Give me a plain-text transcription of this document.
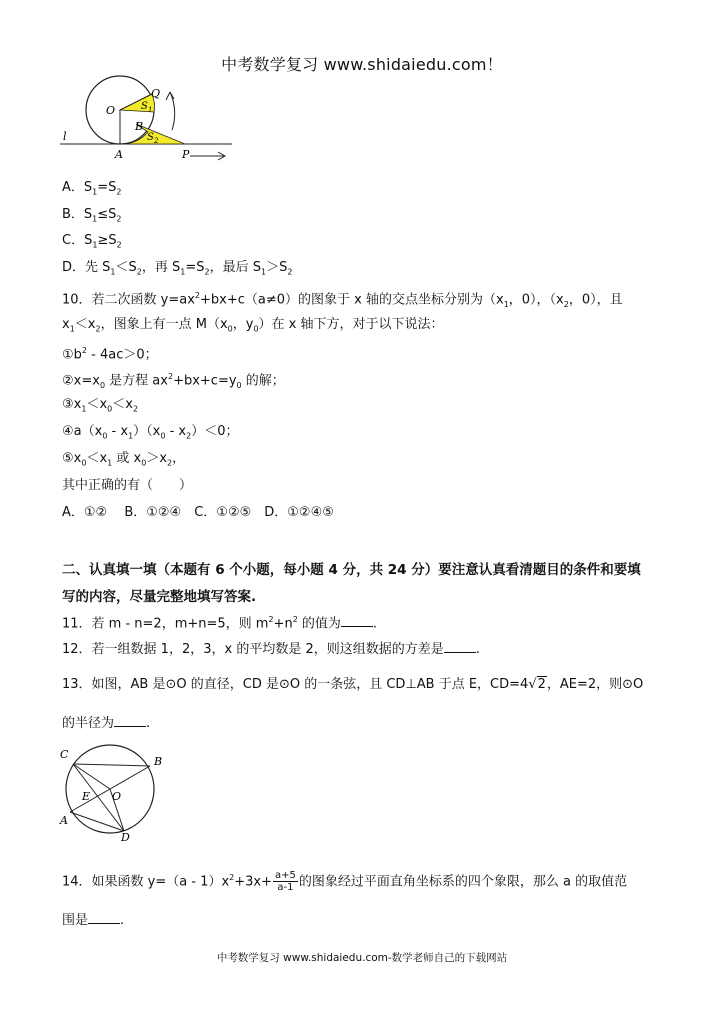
中考数学复习 www.shidaiedu.com！
O
Q
S 1
B
S 2
A	P
l
A．$S_1=S_2$
B．$S_1\le S_2$
C．$S_1\ge S_2$
D．先 $S_1<S_2$，再 $S_1=S_2$，最后 $S_1>S_2$
10．若二次函数 $y=ax^2+bx+c(a\ne 0)$的图象于 x 轴的交点坐标分别为（$x_1$，0），（$x_2$，0），且
$x_1<x_2$，图象上有一点 $M(x_0$，$y_0$）在 x 轴下方，对于以下说法：
$①b^2 - 4ac>0$；
$②x=x_0$ 是方程 $ax^2+bx+c=y_0$ 的解；
$③x_1<x_0<x_2$
$④a(x_0 - x_1)(x_0 - x_2)<0$；
$⑤x_0<x_1$ 或 $x_0>x_2$，
其中正确的有（　　）
A．①②　 B．①②④　C．①②⑤　D．①②④⑤
二、认真填一填（本题有 6 个小题，每小题 4 分，共 24 分）要注意认真看清题目的条件和要填
写的内容，尽量完整地填写答案.
11．若 m - n=2，m+n=5，则 $m^2+n^2$ 的值为 .
12．若一组数据 1，2，3，x 的平均数是 2，则这组数据的方差是 .
13．如图，AB 是⊙O 的直径，CD 是⊙O 的一条弦，且 CD⊥AB 于点 E，CD=4√2，AE=2，则⊙O
的半径为 .
C
B
E O
A
D
14．如果函数 $y=(a - 1)x^2+3x+ \frac{a+5}{a-1}$ 的图象经过平面直角坐标系的四个象限，那么 a 的取值范
围是 .
中考数学复习 www.shidaiedu.com-数学老师自己的下载网站
